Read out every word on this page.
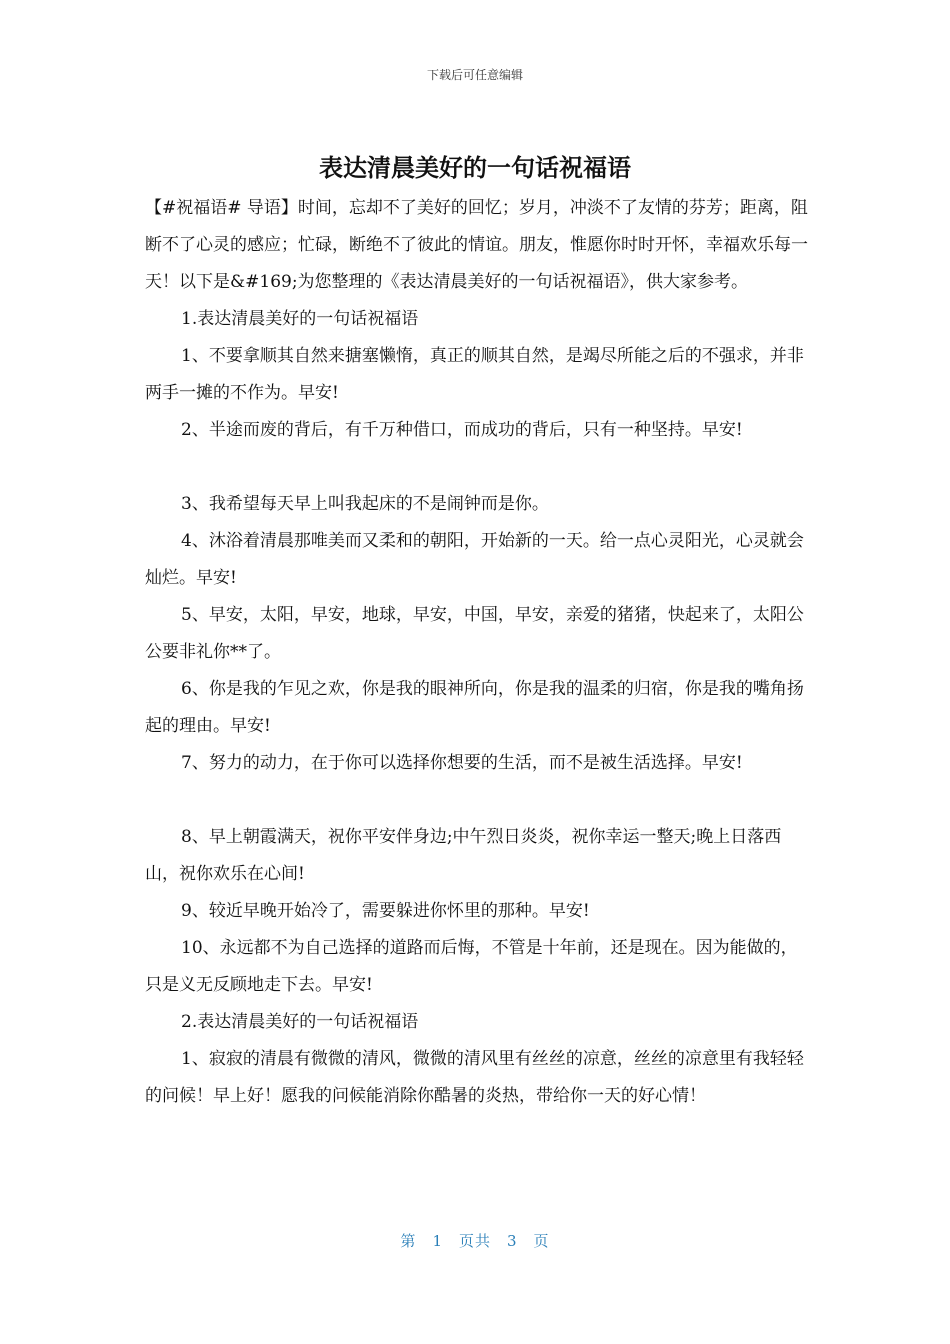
下载后可任意编辑
表达清晨美好的一句话祝福语

【#祝福语# 导语】时间，忘却不了美好的回忆；岁月，冲淡不了友情的芬芳；距离，阻断不了心灵的感应；忙碌，断绝不了彼此的情谊。朋友，惟愿你时时开怀，幸福欢乐每一天！以下是&#169;为您整理的《表达清晨美好的一句话祝福语》，供大家参考。

1.表达清晨美好的一句话祝福语

1、不要拿顺其自然来搪塞懒惰，真正的顺其自然，是竭尽所能之后的不强求，并非两手一摊的不作为。早安!

2、半途而废的背后，有千万种借口，而成功的背后，只有一种坚持。早安!

3、我希望每天早上叫我起床的不是闹钟而是你。

4、沐浴着清晨那唯美而又柔和的朝阳，开始新的一天。给一点心灵阳光，心灵就会灿烂。早安!

5、早安，太阳，早安，地球，早安，中国，早安，亲爱的猪猪，快起来了，太阳公公要非礼你**了。

6、你是我的乍见之欢，你是我的眼神所向，你是我的温柔的归宿，你是我的嘴角扬起的理由。早安!

7、努力的动力，在于你可以选择你想要的生活，而不是被生活选择。早安!

8、早上朝霞满天，祝你平安伴身边;中午烈日炎炎，祝你幸运一整天;晚上日落西山，祝你欢乐在心间!

9、较近早晚开始冷了，需要躲进你怀里的那种。早安!

10、永远都不为自己选择的道路而后悔，不管是十年前，还是现在。因为能做的，只是义无反顾地走下去。早安!

2.表达清晨美好的一句话祝福语

1、寂寂的清晨有微微的清风，微微的清风里有丝丝的凉意，丝丝的凉意里有我轻轻的问候！早上好！愿我的问候能消除你酷暑的炎热，带给你一天的好心情！

第 1 页共 3 页
